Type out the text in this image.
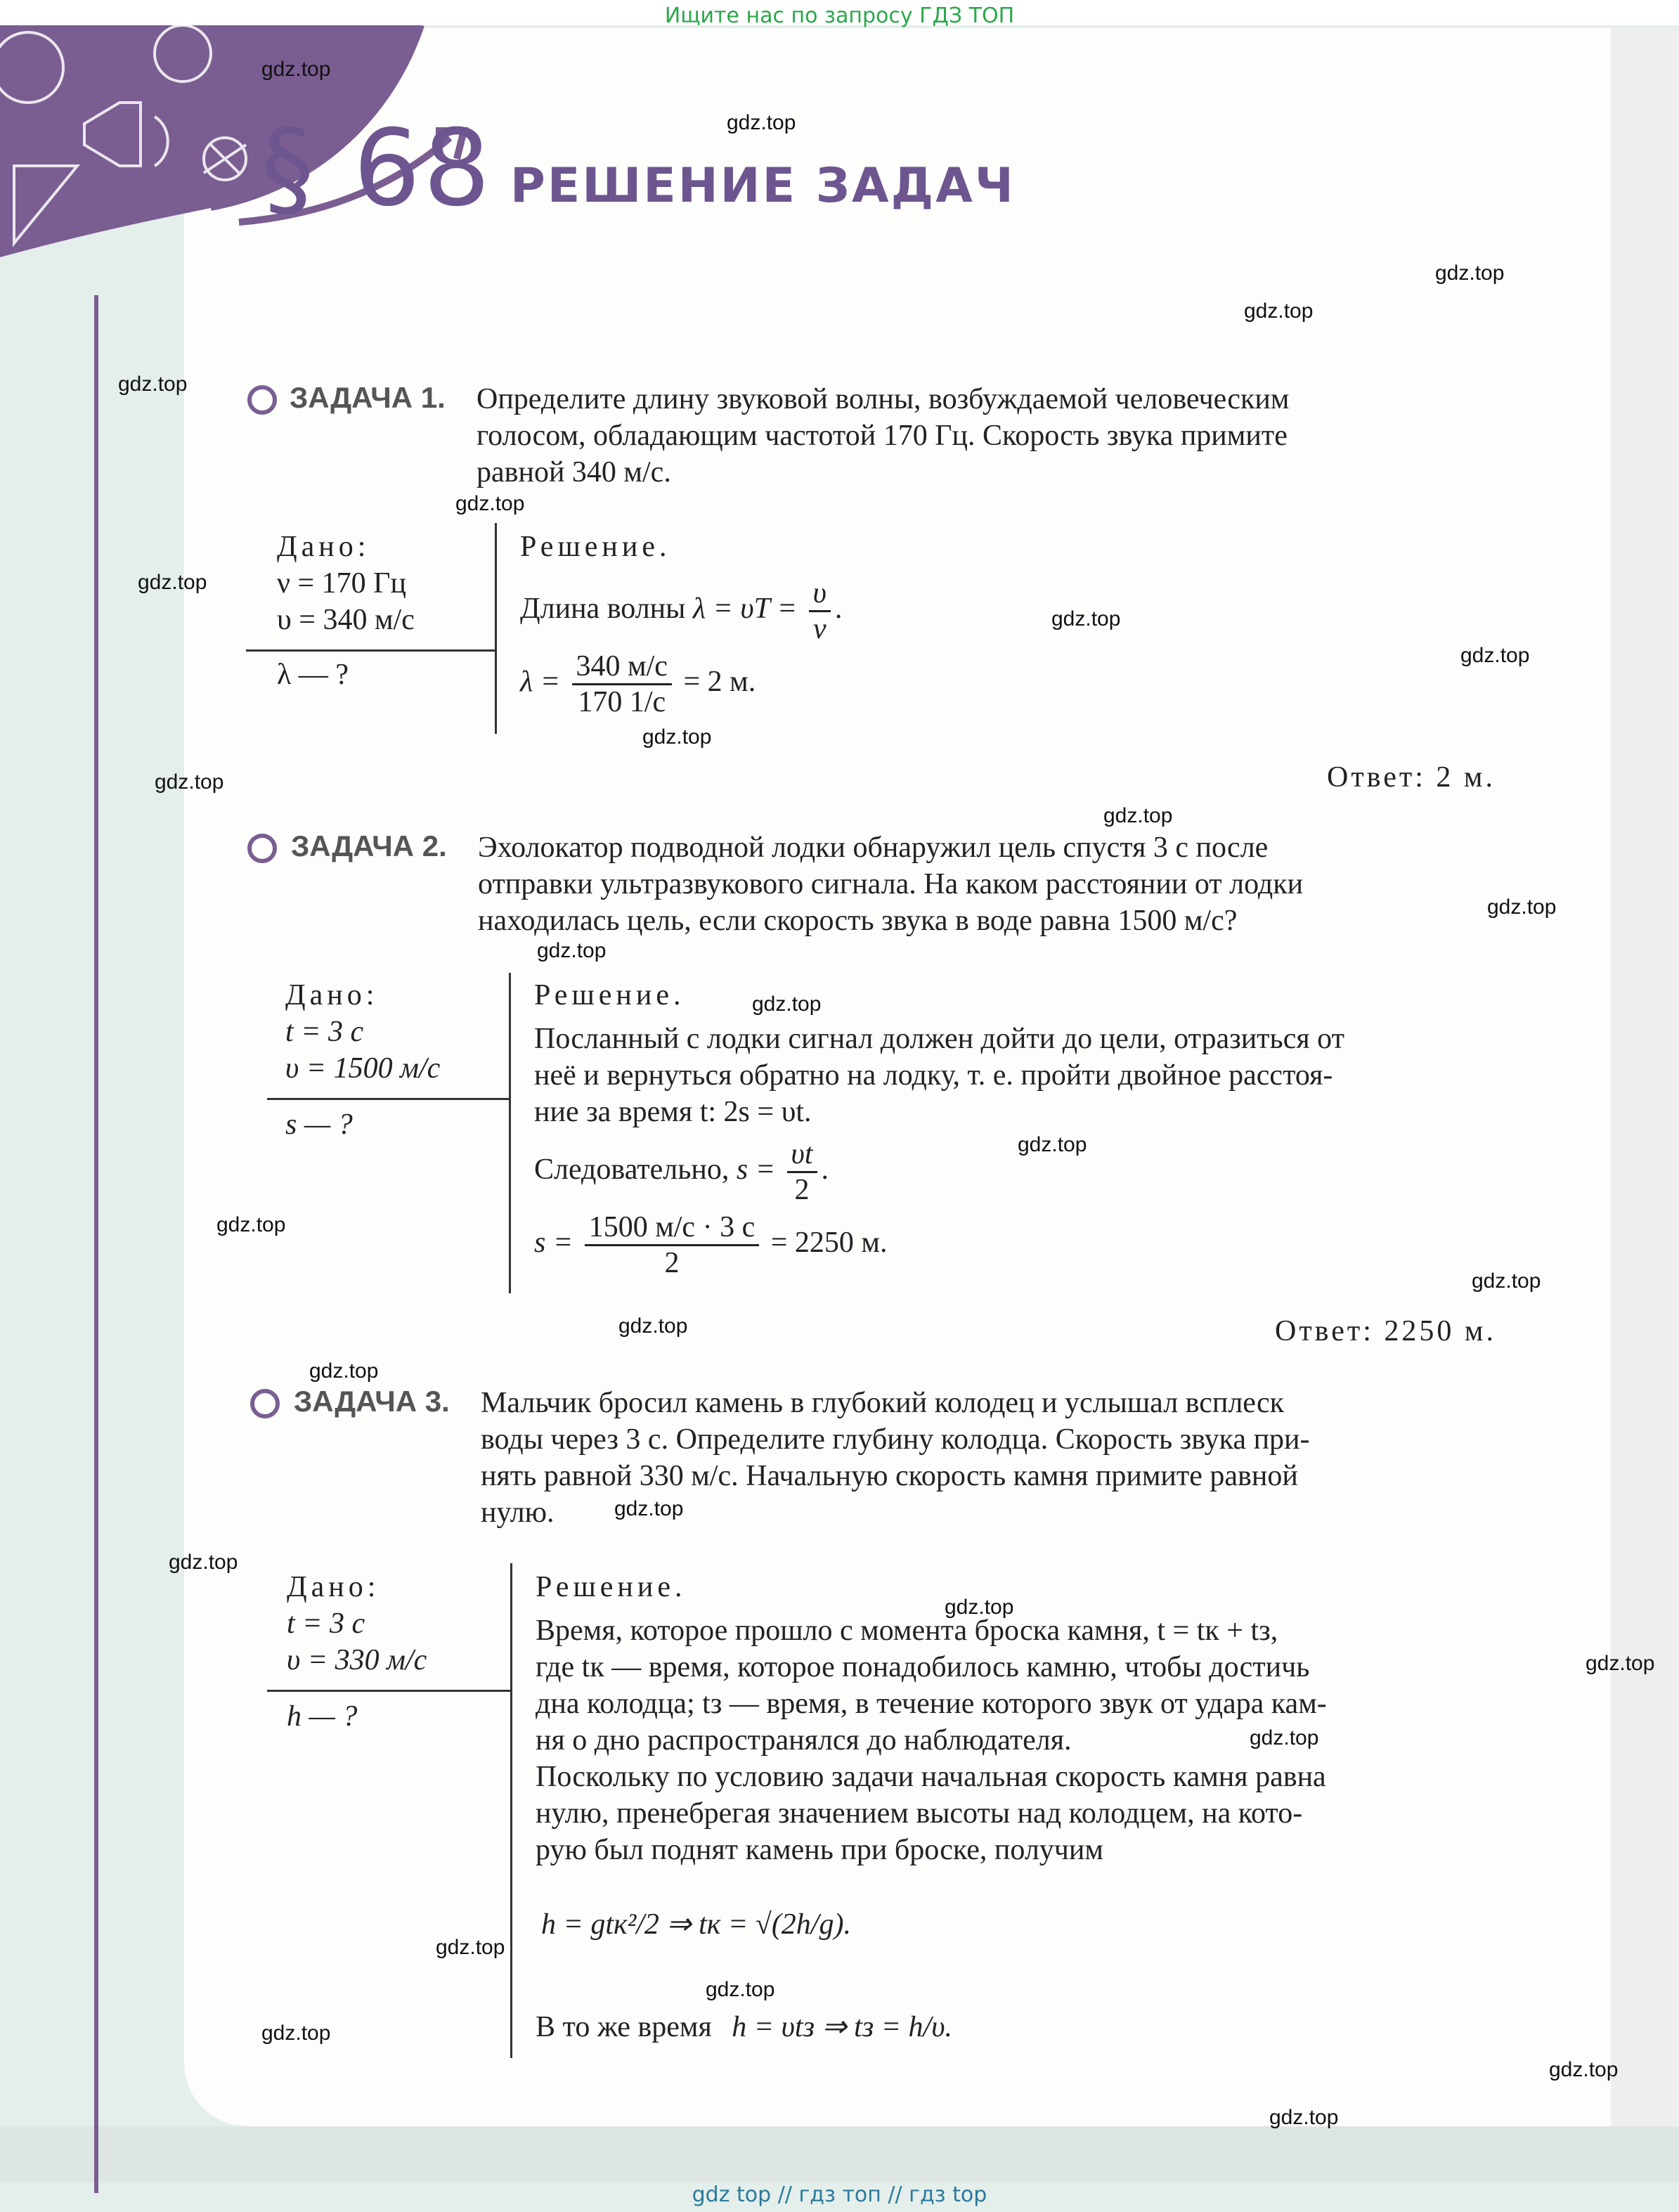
Ищите нас по запросу ГДЗ ТОП
§ 68 РЕШЕНИЕ ЗАДАЧ
gdz.top
gdz.top
gdz.top
gdz.top
gdz.top
gdz.top
gdz.top
gdz.top
gdz.top
gdz.top
gdz.top
gdz.top
gdz.top
gdz.top
gdz.top
gdz.top
gdz.top
gdz.top
gdz.top
gdz.top
gdz.top
gdz.top
gdz.top
gdz.top
gdz.top
gdz.top
gdz.top
gdz.top
gdz.top
gdz.top
ЗАДАЧА 1. Определите длину звуковой волны, возбуждаемой человеческим
голосом, обладающим частотой 170 Гц. Скорость звука примите
равной 340 м/с.
Дано:
ν = 170 Гц
υ = 340 м/с
λ — ?
Решение.
Длина волны $\lambda = \upsilon T = \frac{\upsilon}{\nu}$ .
$\lambda = \frac{340 м/с}{170 1/с} = 2$ м.
Ответ: 2 м.
ЗАДАЧА 2. Эхолокатор подводной лодки обнаружил цель спустя 3 с после
отправки ультразвукового сигнала. На каком расстоянии от лодки
находилась цель, если скорость звука в воде равна 1500 м/с?
Дано:
t = 3 с
υ = 1500 м/с
s — ?
Решение.
Посланный с лодки сигнал должен дойти до цели, отразиться от
неё и вернуться обратно на лодку, т. е. пройти двойное расстоя-
ние за время t: 2s = υt.
Следовательно, $s = \frac{\upsilon t}{2}$ .
$s = \frac{1500 м/с \cdot 3 с}{2} = 2250$ м.
Ответ: 2250 м.
ЗАДАЧА 3. Мальчик бросил камень в глубокий колодец и услышал всплеск
воды через 3 с. Определите глубину колодца. Скорость звука при-
нять равной 330 м/с. Начальную скорость камня примите равной
нулю.
Дано:
t = 3 с
υ = 330 м/с
h — ?
Решение.
Время, которое прошло с момента броска камня, t = tк + tз,
где tк — время, которое понадобилось камню, чтобы достичь
дна колодца; tз — время, в течение которого звук от удара кам-
ня о дно распространялся до наблюдателя.
Поскольку по условию задачи начальная скорость камня равна
нулю, пренебрегая значением высоты над колодцем, на кото-
рую был поднят камень при броске, получим
h = gtк²/2 ⇒ tк = √(2h/g).
В то же время h = υtз ⇒ tз = h/υ.
gdz top // гдз топ // гдз top
